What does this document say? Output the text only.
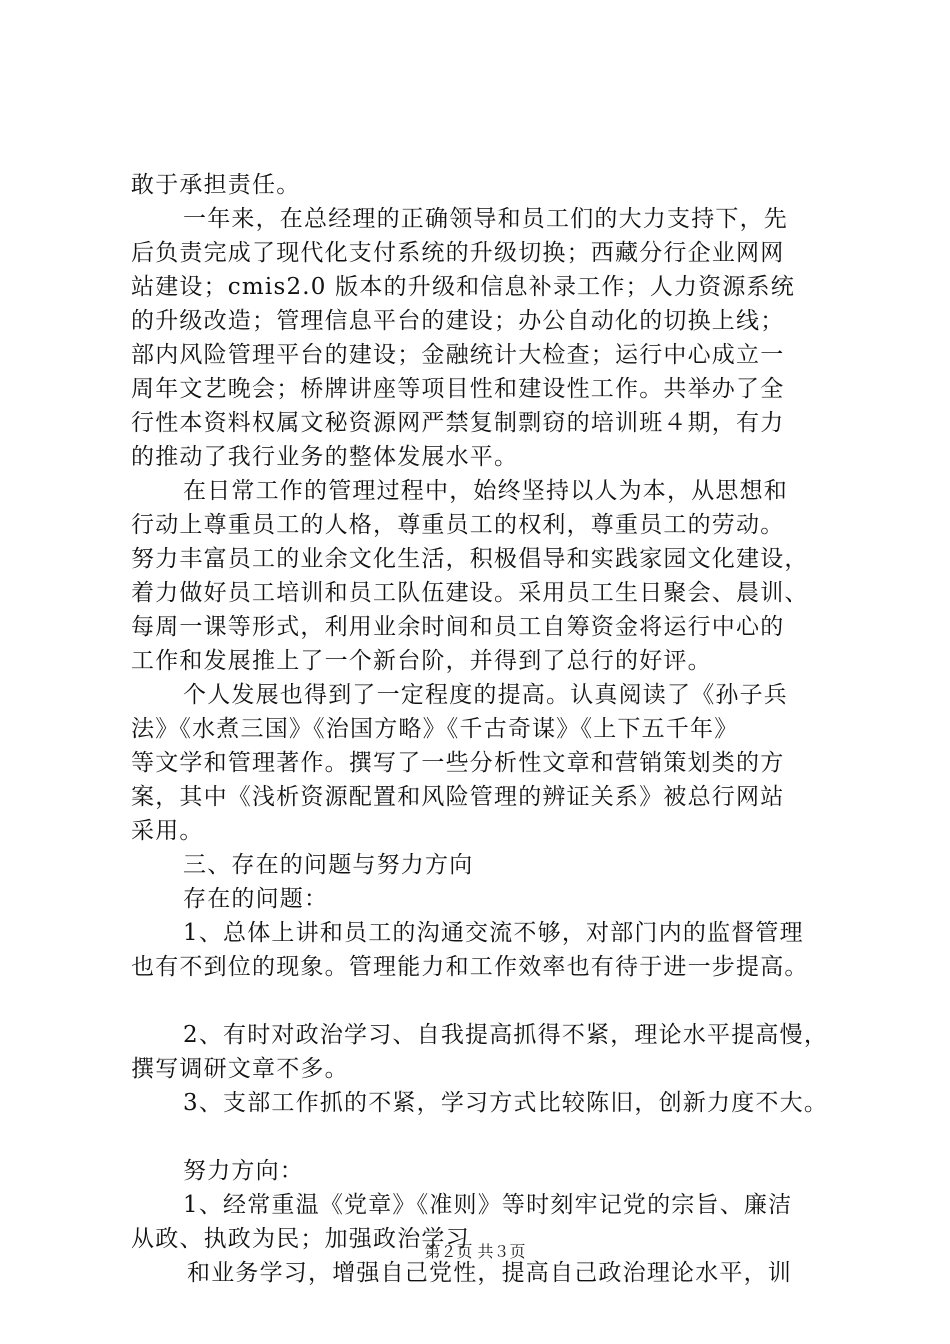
敢于承担责任。
一年来，在总经理的正确领导和员工们的大力支持下，先
后负责完成了现代化支付系统的升级切换；西藏分行企业网网
站建设；cmis2.0 版本的升级和信息补录工作；人力资源系统
的升级改造；管理信息平台的建设；办公自动化的切换上线；
部内风险管理平台的建设；金融统计大检查；运行中心成立一
周年文艺晚会；桥牌讲座等项目性和建设性工作。共举办了全
行性本资料权属文秘资源网严禁复制剽窃的培训班４期，有力
的推动了我行业务的整体发展水平。
在日常工作的管理过程中，始终坚持以人为本，从思想和
行动上尊重员工的人格，尊重员工的权利，尊重员工的劳动。
努力丰富员工的业余文化生活，积极倡导和实践家园文化建设，
着力做好员工培训和员工队伍建设。采用员工生日聚会、晨训、
每周一课等形式，利用业余时间和员工自筹资金将运行中心的
工作和发展推上了一个新台阶，并得到了总行的好评。
个人发展也得到了一定程度的提高。认真阅读了《孙子兵
法》《水煮三国》《治国方略》《千古奇谋》《上下五千年》
等文学和管理著作。撰写了一些分析性文章和营销策划类的方
案，其中《浅析资源配置和风险管理的辨证关系》被总行网站
采用。
三、存在的问题与努力方向
存在的问题：
1、总体上讲和员工的沟通交流不够，对部门内的监督管理
也有不到位的现象。管理能力和工作效率也有待于进一步提高。
2、有时对政治学习、自我提高抓得不紧，理论水平提高慢，
撰写调研文章不多。
3、支部工作抓的不紧，学习方式比较陈旧，创新力度不大。
努力方向：
1、经常重温《党章》《准则》等时刻牢记党的宗旨、廉洁
从政、执政为民；加强政治学习
和业务学习，增强自己党性，提高自己政治理论水平，训
第２页 共３页
